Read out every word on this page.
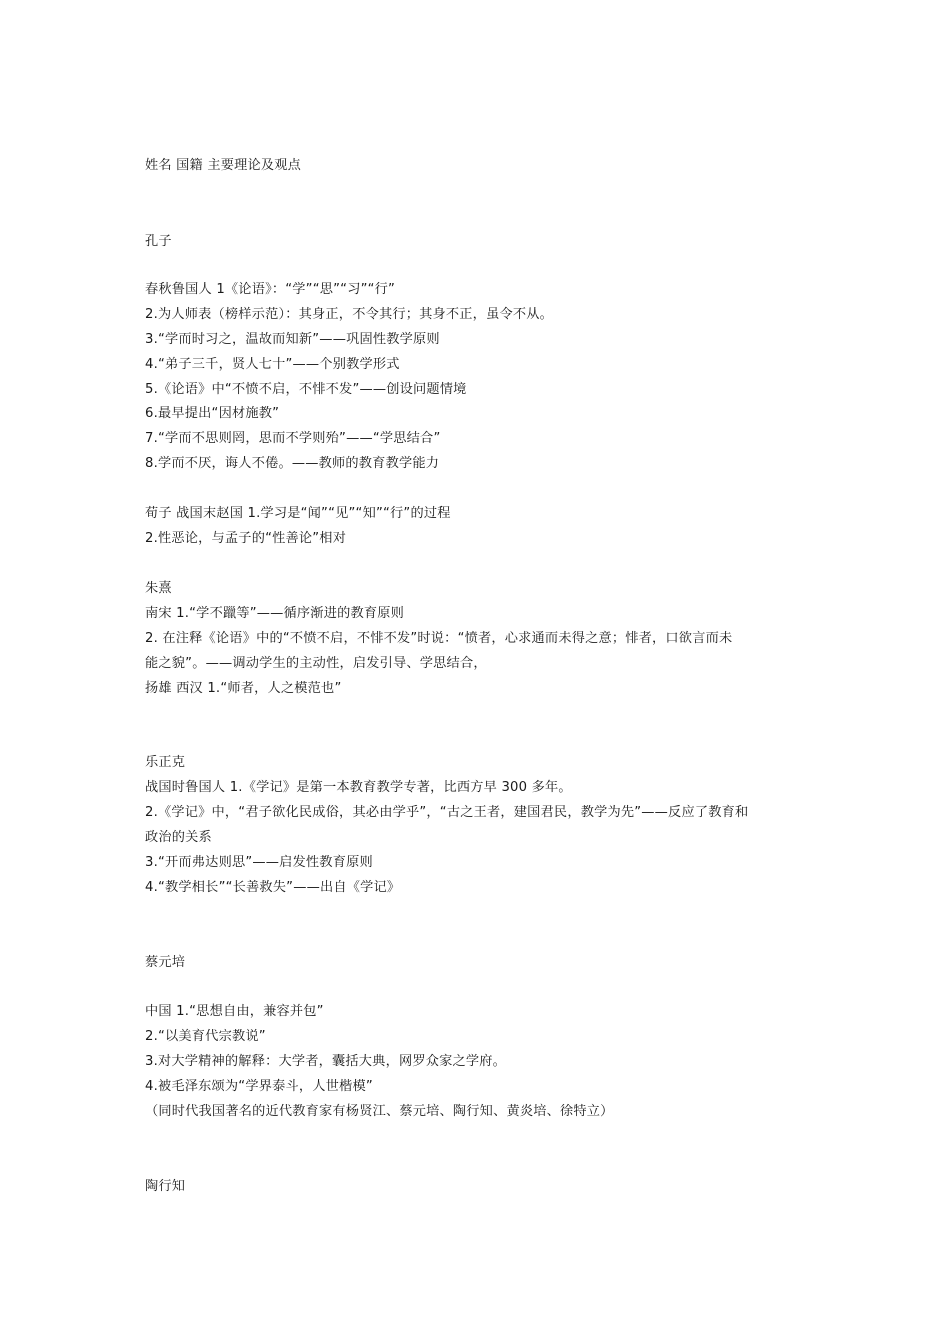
姓名 国籍 主要理论及观点
孔子
春秋鲁国人 1《论语》：“学”“思”“习”“行”
2.为人师表（榜样示范）：其身正，不令其行；其身不正，虽令不从。
3.“学而时习之，温故而知新”——巩固性教学原则
4.“弟子三千，贤人七十”——个别教学形式
5.《论语》中“不愤不启，不悱不发”——创设问题情境
6.最早提出“因材施教”
7.“学而不思则罔，思而不学则殆”——“学思结合”
8.学而不厌，诲人不倦。——教师的教育教学能力
荀子 战国末赵国 1.学习是“闻”“见”“知”“行”的过程
2.性恶论，与孟子的“性善论”相对
朱熹
南宋 1.“学不躐等”——循序渐进的教育原则
2. 在注释《论语》中的“不愤不启，不悱不发”时说：“愤者，心求通而未得之意；悱者，口欲言而未
能之貌”。——调动学生的主动性，启发引导、学思结合，
扬雄 西汉 1.“师者，人之模范也”
乐正克
战国时鲁国人 1.《学记》是第一本教育教学专著，比西方早 300 多年。
2.《学记》中，“君子欲化民成俗，其必由学乎”，“古之王者，建国君民，教学为先”——反应了教育和
政治的关系
3.“开而弗达则思”——启发性教育原则
4.“教学相长”“长善救失”——出自《学记》
蔡元培
中国 1.“思想自由，兼容并包”
2.“以美育代宗教说”
3.对大学精神的解释：大学者，囊括大典，网罗众家之学府。
4.被毛泽东颂为“学界泰斗，人世楷模”
（同时代我国著名的近代教育家有杨贤江、蔡元培、陶行知、黄炎培、徐特立）
陶行知
